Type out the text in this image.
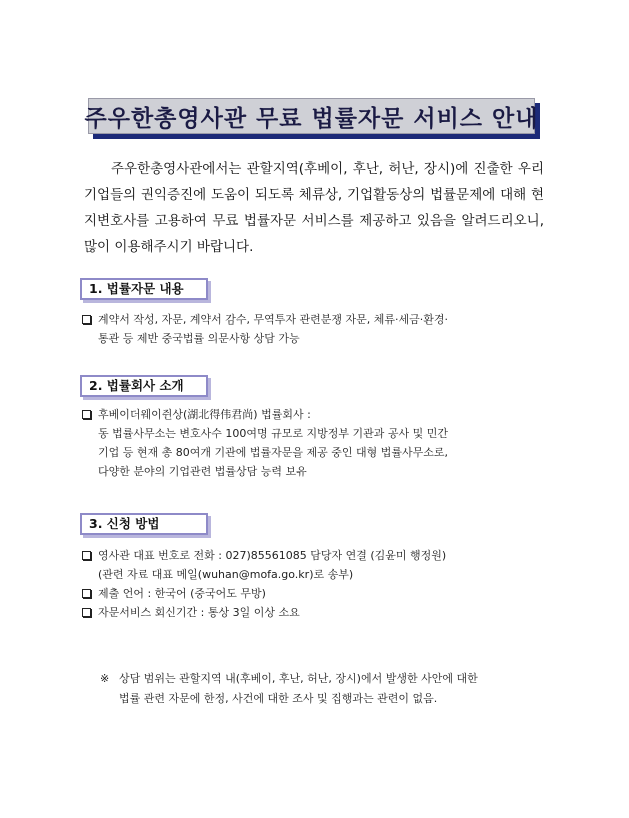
주우한총영사관 무료 법률자문 서비스 안내

주우한총영사관에서는 관할지역(후베이, 후난, 허난, 장시)에 진출한 우리 기업들의 권익증진에 도움이 되도록 체류상, 기업활동상의 법률문제에 대해 현지변호사를 고용하여 무료 법률자문 서비스를 제공하고 있음을 알려드리오니, 많이 이용해주시기 바랍니다.

1. 법률자문 내용
계약서 작성, 자문, 계약서 감수, 무역투자 관련분쟁 자문, 체류·세금·환경·
통관 등 제반 중국법률 의문사항 상담 가능
2. 법률회사 소개
후베이더웨이쥔상(湖北得伟君尚) 법률회사 :
동 법률사무소는 변호사수 100여명 규모로 지방정부 기관과 공사 및 민간
기업 등 현재 총 80여개 기관에 법률자문을 제공 중인 대형 법률사무소로,
다양한 분야의 기업관련 법률상담 능력 보유
3. 신청 방법
영사관 대표 번호로 전화 : 027)85561085 담당자 연결 (김윤미 행정원)
(관련 자료 대표 메일(wuhan@mofa.go.kr)로 송부)
제출 언어 : 한국어 (중국어도 무방)
자문서비스 회신기간 : 통상 3일 이상 소요
※ 상담 범위는 관할지역 내(후베이, 후난, 허난, 장시)에서 발생한 사안에 대한
법률 관련 자문에 한정, 사건에 대한 조사 및 집행과는 관련이 없음.
